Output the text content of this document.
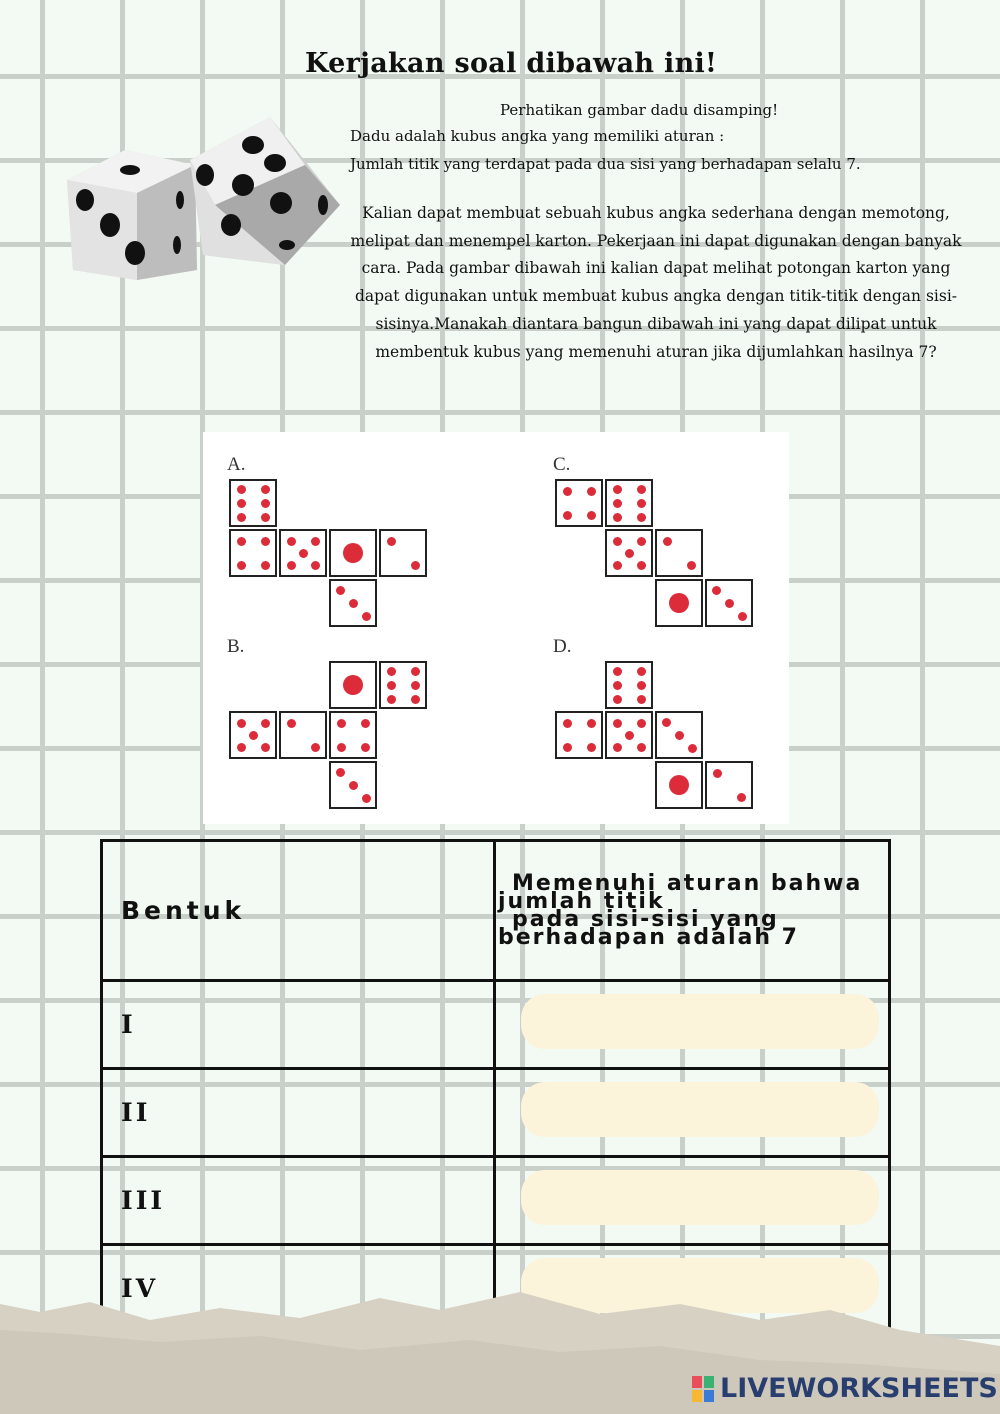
Kerjakan soal dibawah ini!
Perhatikan gambar dadu disamping!
Dadu adalah kubus angka yang memiliki aturan :
Jumlah titik yang terdapat pada dua sisi yang berhadapan selalu 7.
Kalian dapat membuat sebuah kubus angka sederhana dengan memotong, melipat dan menempel karton. Pekerjaan ini dapat digunakan dengan banyak cara. Pada gambar dibawah ini kalian dapat melihat potongan karton yang dapat digunakan untuk membuat kubus angka dengan titik-titik dengan sisi-sisinya.Manakah diantara bangun dibawah ini yang dapat dilipat untuk membentuk kubus yang memenuhi aturan jika dijumlahkan hasilnya 7?
A.
B.
C.
D.
Bentuk	Memenuhi aturan bahwa
jumlah titik
pada sisi-sisi yang
berhadapan adalah 7

I	

II	

III	

IV	
LIVEWORKSHEETS
